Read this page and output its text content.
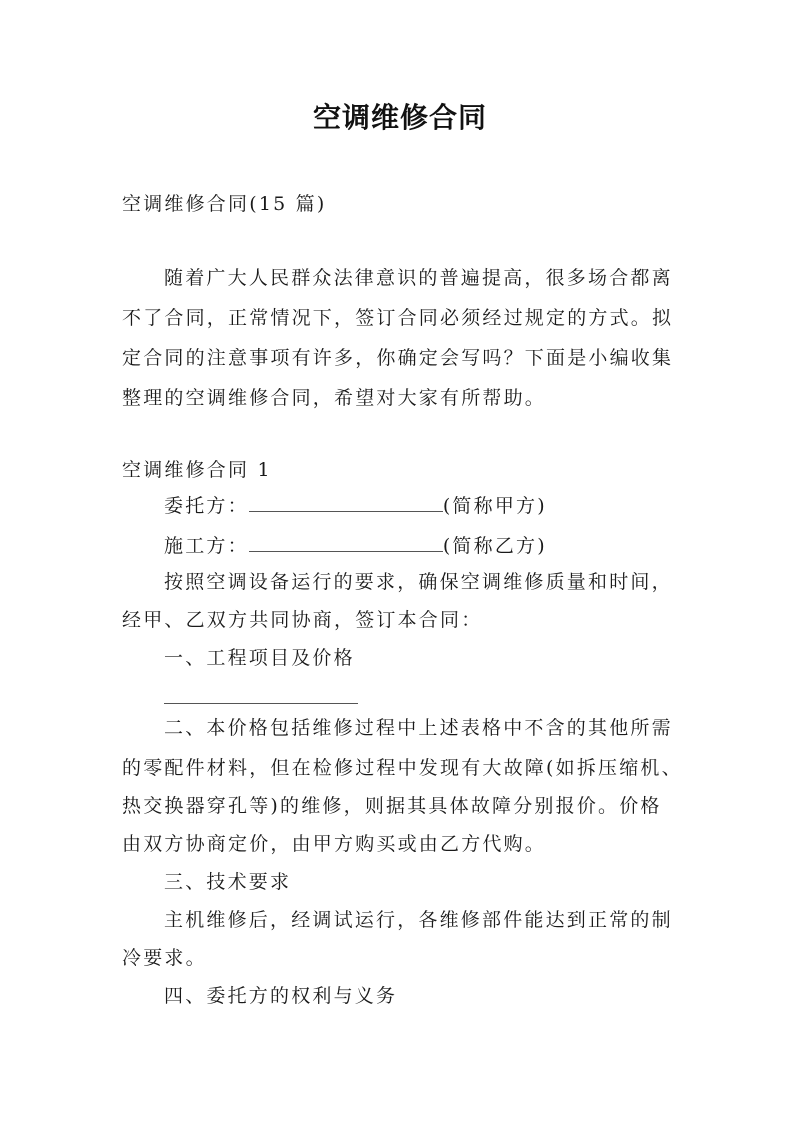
空调维修合同
空调维修合同(15 篇)
随着广大人民群众法律意识的普遍提高，很多场合都离
不了合同，正常情况下，签订合同必须经过规定的方式。拟
定合同的注意事项有许多，你确定会写吗？下面是小编收集
整理的空调维修合同，希望对大家有所帮助。
空调维修合同 1
委托方：	(简称甲方)
施工方：	(简称乙方)
按照空调设备运行的要求，确保空调维修质量和时间，
经甲、乙双方共同协商，签订本合同：
一、工程项目及价格
二、本价格包括维修过程中上述表格中不含的其他所需
的零配件材料，但在检修过程中发现有大故障(如拆压缩机、
热交换器穿孔等)的维修，则据其具体故障分别报价。价格
由双方协商定价，由甲方购买或由乙方代购。
三、技术要求
主机维修后，经调试运行，各维修部件能达到正常的制
冷要求。
四、委托方的权利与义务
